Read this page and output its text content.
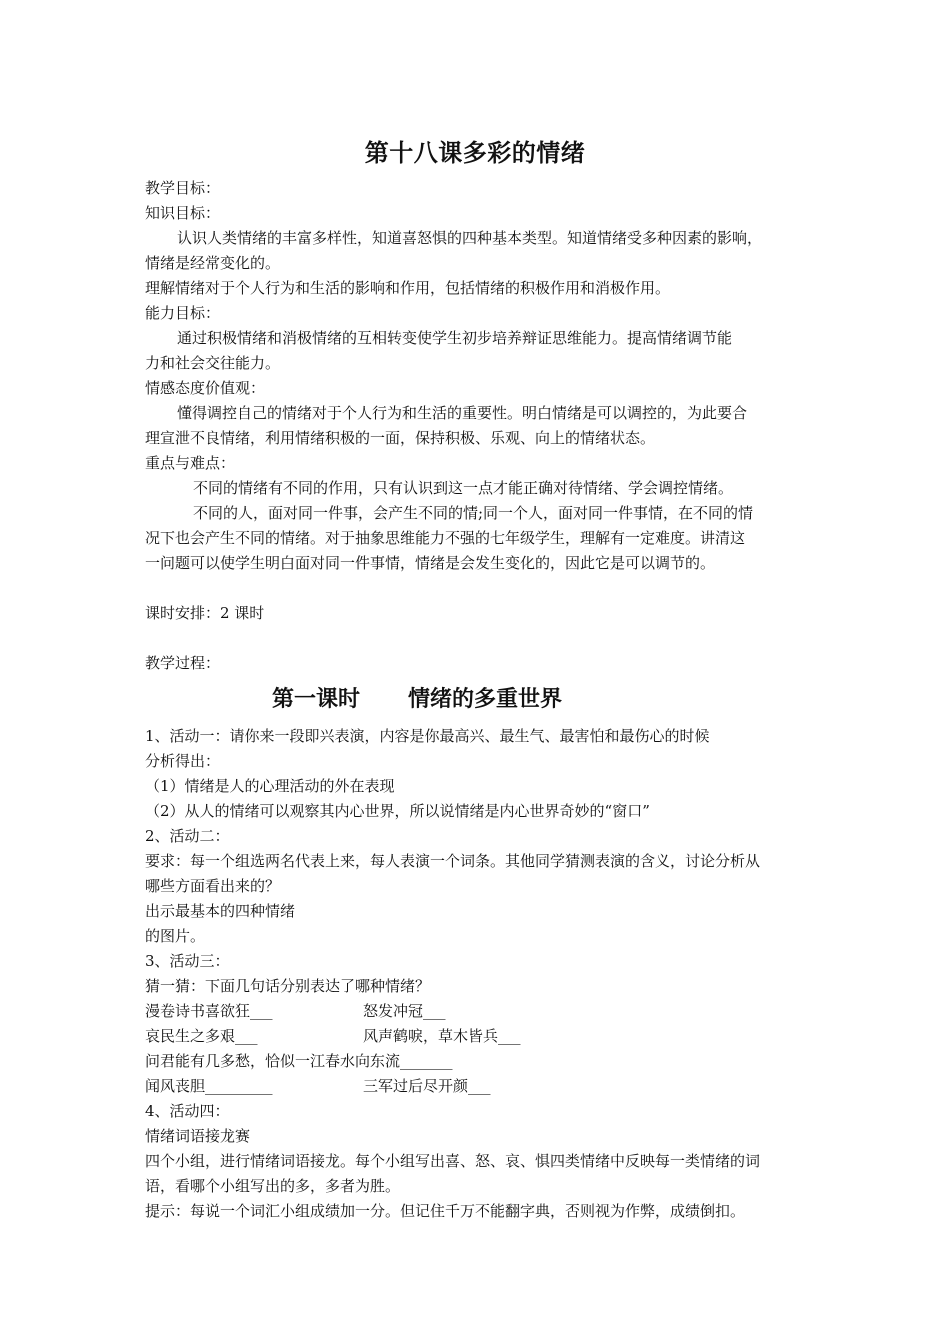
第十八课多彩的情绪
教学目标：
知识目标：
认识人类情绪的丰富多样性，知道喜怒惧的四种基本类型。知道情绪受多种因素的影响，
情绪是经常变化的。
理解情绪对于个人行为和生活的影响和作用，包括情绪的积极作用和消极作用。
能力目标：
通过积极情绪和消极情绪的互相转变使学生初步培养辩证思维能力。提高情绪调节能
力和社会交往能力。
情感态度价值观：
懂得调控自己的情绪对于个人行为和生活的重要性。明白情绪是可以调控的，为此要合
理宣泄不良情绪，利用情绪积极的一面，保持积极、乐观、向上的情绪状态。
重点与难点：
不同的情绪有不同的作用，只有认识到这一点才能正确对待情绪、学会调控情绪。
不同的人，面对同一件事，会产生不同的情;同一个人，面对同一件事情，在不同的情
况下也会产生不同的情绪。对于抽象思维能力不强的七年级学生，理解有一定难度。讲清这
一问题可以使学生明白面对同一件事情，情绪是会发生变化的，因此它是可以调节的。
课时安排：2 课时
教学过程：
第一课时 情绪的多重世界
1、活动一：请你来一段即兴表演，内容是你最高兴、最生气、最害怕和最伤心的时候
分析得出：
（1）情绪是人的心理活动的外在表现
（2）从人的情绪可以观察其内心世界，所以说情绪是内心世界奇妙的“窗口”
2、活动二：
要求：每一个组选两名代表上来，每人表演一个词条。其他同学猜测表演的含义，讨论分析从
哪些方面看出来的？
出示最基本的四种情绪
的图片。
3、活动三：
猜一猜：下面几句话分别表达了哪种情绪？
漫卷诗书喜欲狂___	怒发冲冠___
哀民生之多艰___	风声鹤唳，草木皆兵___
问君能有几多愁，恰似一江春水向东流_______
闻风丧胆_________	三军过后尽开颜___
4、活动四：
情绪词语接龙赛
四个小组，进行情绪词语接龙。每个小组写出喜、怒、哀、惧四类情绪中反映每一类情绪的词
语，看哪个小组写出的多，多者为胜。
提示：每说一个词汇小组成绩加一分。但记住千万不能翻字典，否则视为作弊，成绩倒扣。
